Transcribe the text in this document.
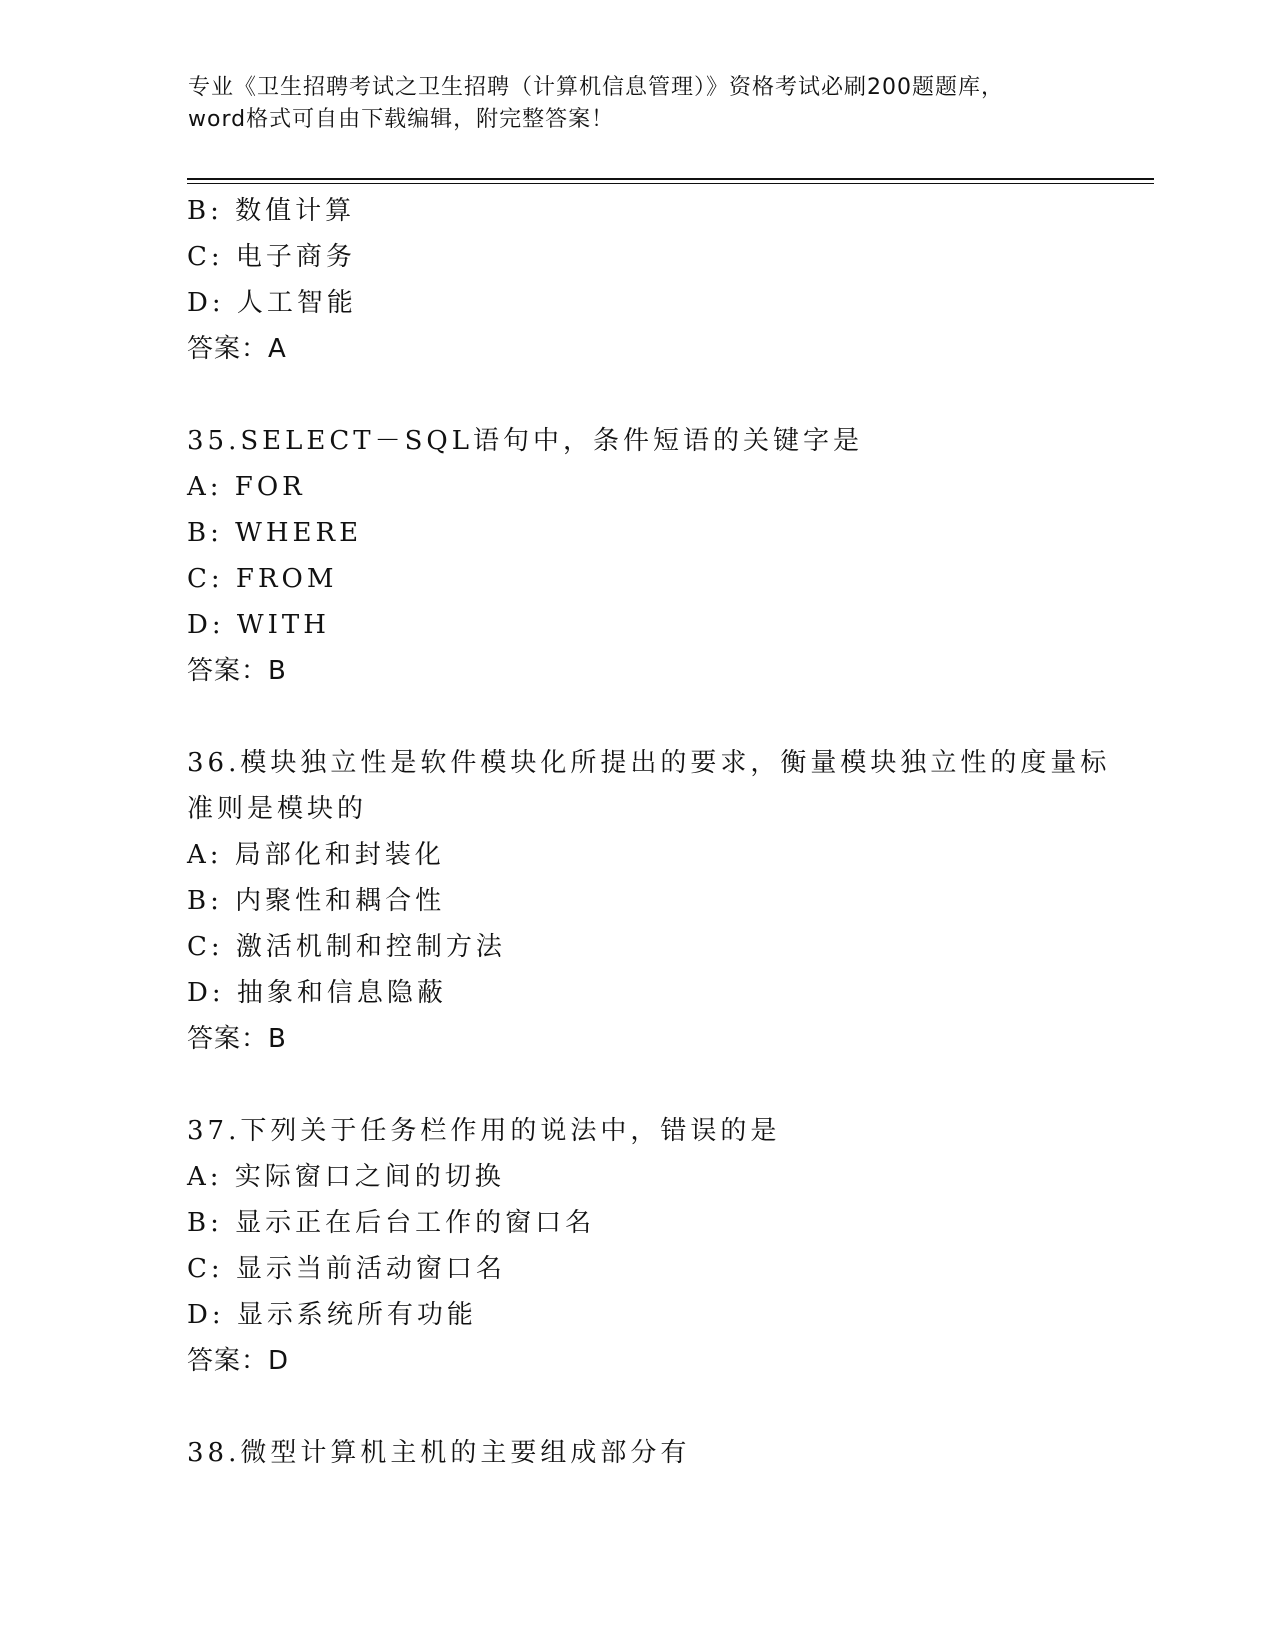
专业《卫生招聘考试之卫生招聘（计算机信息管理）》资格考试必刷200题题库，
word格式可自由下载编辑，附完整答案！
B: 数值计算
C: 电子商务
D: 人工智能
答案：A
35.SELECT－SQL语句中，条件短语的关键字是
A: FOR
B: WHERE
C: FROM
D: WITH
答案：B
36.模块独立性是软件模块化所提出的要求，衡量模块独立性的度量标
准则是模块的
A: 局部化和封装化
B: 内聚性和耦合性
C: 激活机制和控制方法
D: 抽象和信息隐蔽
答案：B
37.下列关于任务栏作用的说法中，错误的是
A: 实际窗口之间的切换
B: 显示正在后台工作的窗口名
C: 显示当前活动窗口名
D: 显示系统所有功能
答案：D
38.微型计算机主机的主要组成部分有
